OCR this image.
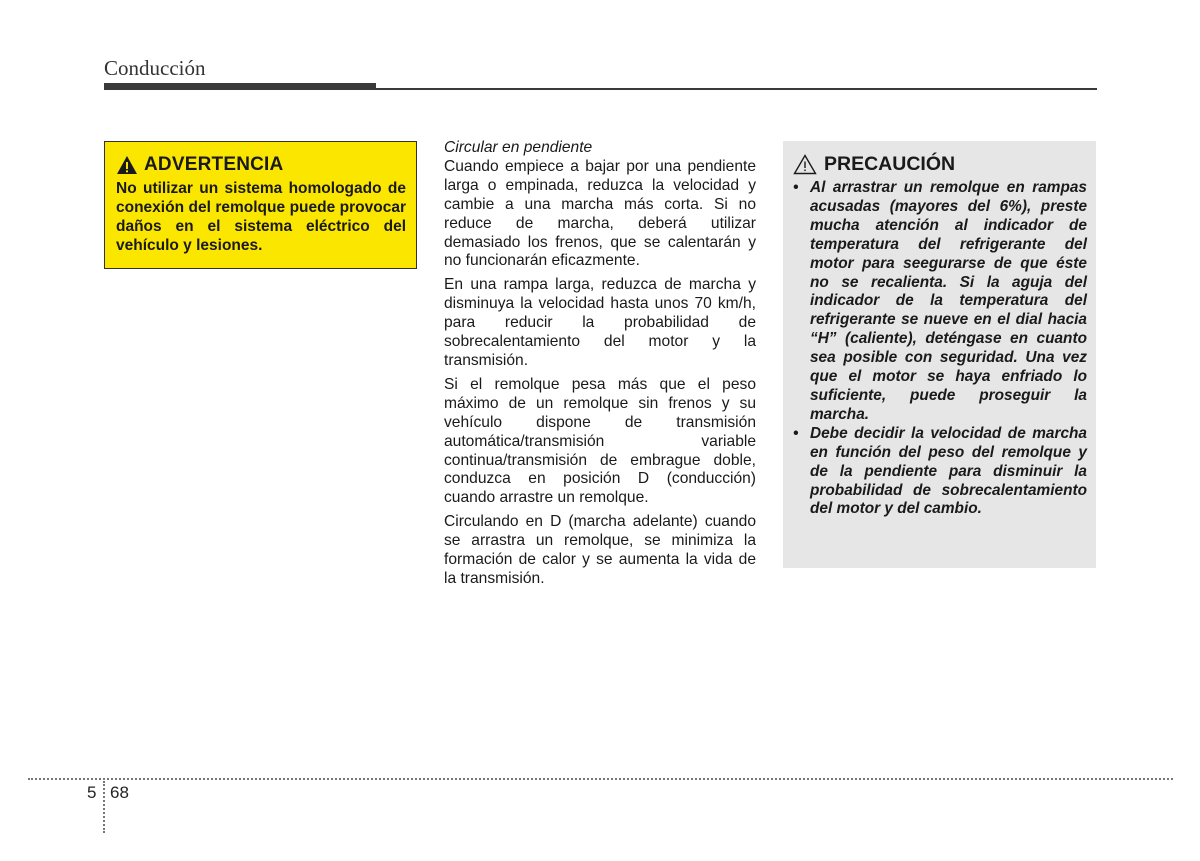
Conducción
ADVERTENCIA
No utilizar un sistema homologado de conexión del remolque puede provocar daños en el sistema eléctrico del vehículo y lesiones.
Circular en pendiente

Cuando empiece a bajar por una pendiente larga o empinada, reduzca la velocidad y cambie a una marcha más corta. Si no reduce de marcha, deberá utilizar demasiado los frenos, que se calentarán y no funcionarán eficazmente.

En una rampa larga, reduzca de marcha y disminuya la velocidad hasta unos 70 km/h, para reducir la probabilidad de sobrecalentamiento del motor y la transmisión.

Si el remolque pesa más que el peso máximo de un remolque sin frenos y su vehículo dispone de transmisión automática/transmisión variable continua/transmisión de embrague doble, conduzca en posición D (conducción) cuando arrastre un remolque.

Circulando en D (marcha adelante) cuando se arrastra un remolque, se minimiza la formación de calor y se aumenta la vida de la transmisión.

PRECAUCIÓN
• Al arrastrar un remolque en rampas acusadas (mayores del 6%), preste mucha atención al indicador de temperatura del refrigerante del motor para seegurarse de que éste no se recalienta. Si la aguja del indicador de la temperatura del refrigerante se nueve en el dial hacia “H” (caliente), deténgase en cuanto sea posible con seguridad. Una vez que el motor se haya enfriado lo suficiente, puede proseguir la marcha.
• Debe decidir la velocidad de marcha en función del peso del remolque y de la pendiente para disminuir la probabilidad de sobrecalentamiento del motor y del cambio.
5 68
